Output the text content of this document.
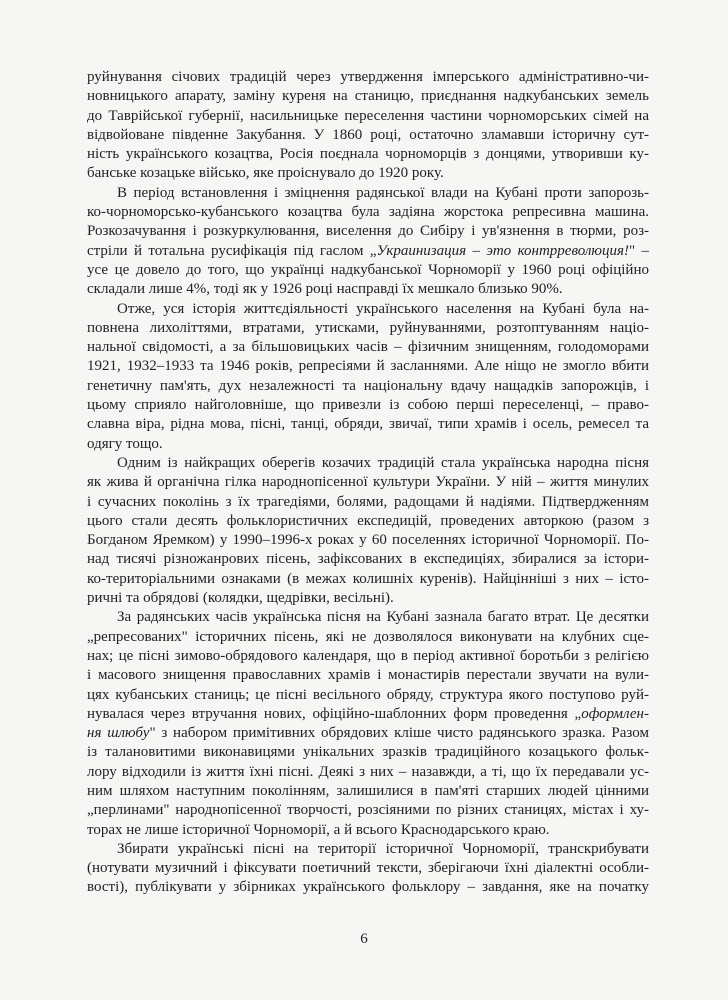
руйнування січових традицій через утвердження імперського адміністративно-чи-
новницького апарату, заміну куреня на станицю, приєднання надкубанських земель
до Таврійської губернії, насильницьке переселення частини чорноморських сімей на
відвойоване південне Закубання. У 1860 році, остаточно зламавши історичну сут-
ність українського козацтва, Росія поєднала чорноморців з донцями, утворивши ку-
банське козацьке військо, яке проіснувало до 1920 року.
В період встановлення і зміцнення радянської влади на Кубані проти запорозь-
ко-чорноморсько-кубанського козацтва була задіяна жорстока репресивна машина.
Розкозачування і розкуркулювання, виселення до Сибіру і ув'язнення в тюрми, роз-
стріли й тотальна русифікація під гаслом „Украинизация – это контрреволюция!" –
усе це довело до того, що українці надкубанської Чорноморії у 1960 році офіційно
складали лише 4%, тоді як у 1926 році насправді їх мешкало близько 90%.
Отже, уся історія життєдіяльності українського населення на Кубані була на-
повнена лихоліттями, втратами, утисками, руйнуваннями, розтоптуванням націо-
нальної свідомості, а за більшовицьких часів – фізичним знищенням, голодоморами
1921, 1932–1933 та 1946 років, репресіями й засланнями. Але ніщо не змогло вбити
генетичну пам'ять, дух незалежності та національну вдачу нащадків запорожців, і
цьому сприяло найголовніше, що привезли із собою перші переселенці, – право-
славна віра, рідна мова, пісні, танці, обряди, звичаї, типи храмів і осель, ремесел та
одягу тощо.
Одним із найкращих оберегів козачих традицій стала українська народна пісня
як жива й органічна гілка народнопісенної культури України. У ній – життя минулих
і сучасних поколінь з їх трагедіями, болями, радощами й надіями. Підтвердженням
цього стали десять фольклористичних експедицій, проведених авторкою (разом з
Богданом Яремком) у 1990–1996-х роках у 60 поселеннях історичної Чорноморії. По-
над тисячі різножанрових пісень, зафіксованих в експедиціях, збиралися за істори-
ко-територіальними ознаками (в межах колишніх куренів). Найцінніші з них – істо-
ричні та обрядові (колядки, щедрівки, весільні).
За радянських часів українська пісня на Кубані зазнала багато втрат. Це десятки
„репресованих" історичних пісень, які не дозволялося виконувати на клубних сце-
нах; це пісні зимово-обрядового календаря, що в період активної боротьби з релігією
і масового знищення православних храмів і монастирів перестали звучати на вули-
цях кубанських станиць; це пісні весільного обряду, структура якого поступово руй-
нувалася через втручання нових, офіційно-шаблонних форм проведення „оформлен-
ня шлюбу" з набором примітивних обрядових кліше чисто радянського зразка. Разом
із талановитими виконавицями унікальних зразків традиційного козацького фольк-
лору відходили із життя їхні пісні. Деякі з них – назавжди, а ті, що їх передавали ус-
ним шляхом наступним поколінням, залишилися в пам'яті старших людей цінними
„перлинами" народнопісенної творчості, розсіяними по різних станицях, містах і ху-
торах не лише історичної Чорноморії, а й всього Краснодарського краю.
Збирати українські пісні на території історичної Чорноморії, транскрибувати
(нотувати музичний і фіксувати поетичний тексти, зберігаючи їхні діалектні особли-
вості), публікувати у збірниках українського фольклору – завдання, яке на початку
6
